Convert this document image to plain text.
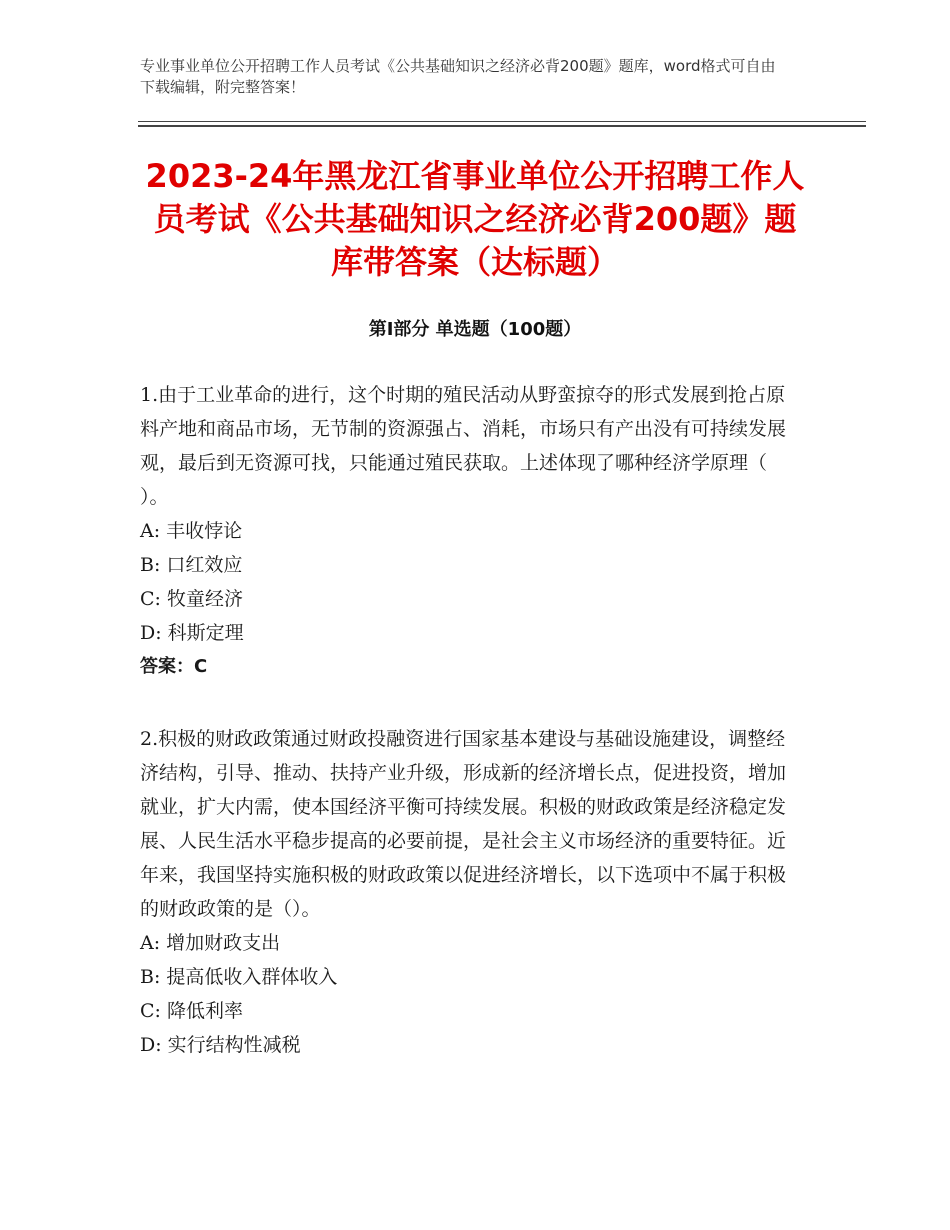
专业事业单位公开招聘工作人员考试《公共基础知识之经济必背200题》题库，word格式可自由下载编辑，附完整答案！
2023-24年黑龙江省事业单位公开招聘工作人员考试《公共基础知识之经济必背200题》题库带答案（达标题）
第I部分 单选题（100题）

1.由于工业革命的进行，这个时期的殖民活动从野蛮掠夺的形式发展到抢占原料产地和商品市场，无节制的资源强占、消耗，市场只有产出没有可持续发展观，最后到无资源可找，只能通过殖民获取。上述体现了哪种经济学原理（　　）。

A: 丰收悖论

B: 口红效应

C: 牧童经济

D: 科斯定理

答案：C

2.积极的财政政策通过财政投融资进行国家基本建设与基础设施建设，调整经济结构，引导、推动、扶持产业升级，形成新的经济增长点，促进投资，增加就业，扩大内需，使本国经济平衡可持续发展。积极的财政政策是经济稳定发展、人民生活水平稳步提高的必要前提，是社会主义市场经济的重要特征。近年来，我国坚持实施积极的财政政策以促进经济增长，以下选项中不属于积极的财政政策的是（）。

A: 增加财政支出

B: 提高低收入群体收入

C: 降低利率

D: 实行结构性减税
